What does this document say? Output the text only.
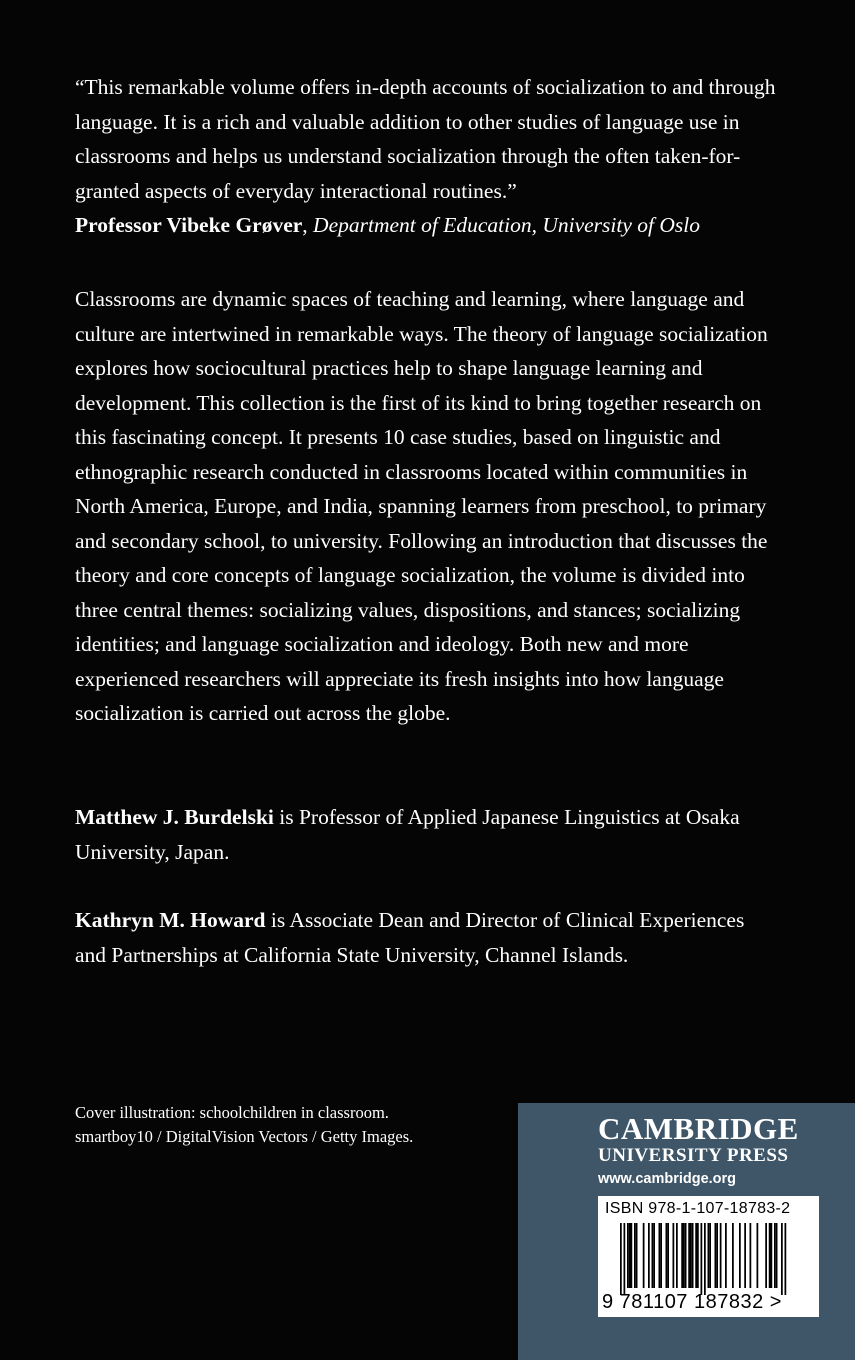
“This remarkable volume offers in-depth accounts of socialization to and through language. It is a rich and valuable addition to other studies of language use in classrooms and helps us understand socialization through the often taken-for-granted aspects of everyday interactional routines.”
Professor Vibeke Grøver, Department of Education, University of Oslo

Classrooms are dynamic spaces of teaching and learning, where language and culture are intertwined in remarkable ways. The theory of language socialization explores how sociocultural practices help to shape language learning and development. This collection is the first of its kind to bring together research on this fascinating concept. It presents 10 case studies, based on linguistic and ethnographic research conducted in classrooms located within communities in North America, Europe, and India, spanning learners from preschool, to primary and secondary school, to university. Following an introduction that discusses the theory and core concepts of language socialization, the volume is divided into three central themes: socializing values, dispositions, and stances; socializing identities; and language socialization and ideology. Both new and more experienced researchers will appreciate its fresh insights into how language socialization is carried out across the globe.

Matthew J. Burdelski is Professor of Applied Japanese Linguistics at Osaka University, Japan.

Kathryn M. Howard is Associate Dean and Director of Clinical Experiences and Partnerships at California State University, Channel Islands.

Cover illustration: schoolchildren in classroom. smartboy10 / DigitalVision Vectors / Getty Images.	CAMBRIDGE
UNIVERSITY PRESS
www.cambridge.org
ISBN 978-1-107-18783-2
9 781107 187832 >
